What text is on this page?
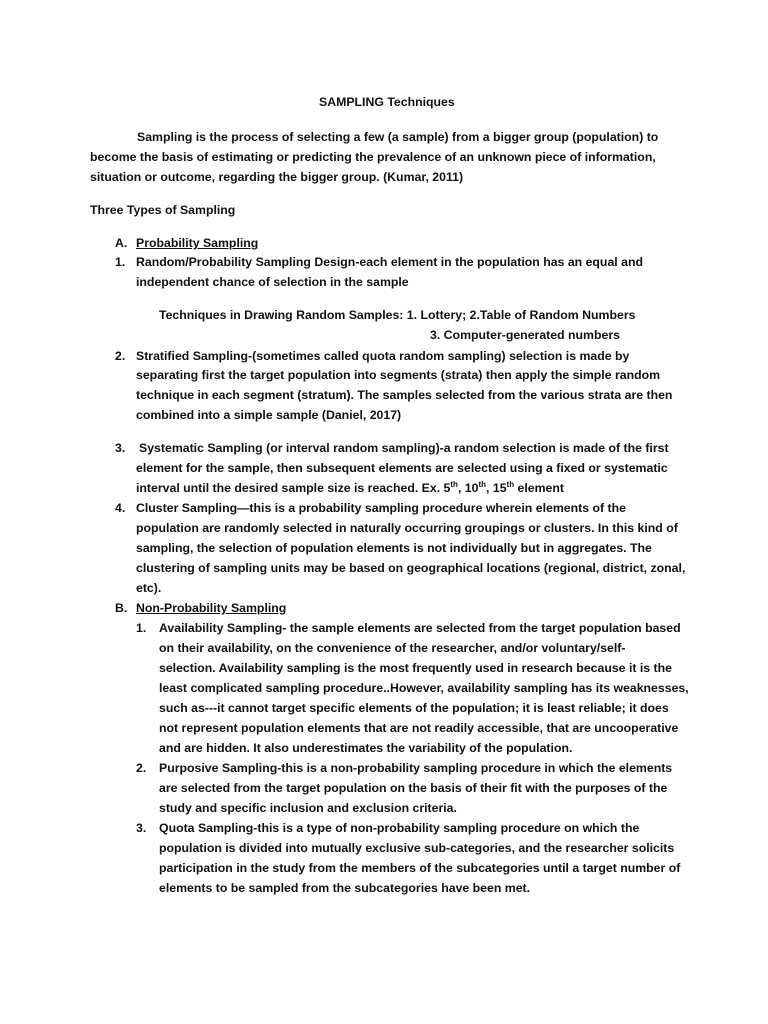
SAMPLING Techniques
Sampling is the process of selecting a few (a sample) from a bigger group (population) to
become the basis of estimating or predicting the prevalence of an unknown piece of information,
situation or outcome, regarding the bigger group. (Kumar, 2011)
Three Types of Sampling
A. Probability Sampling
1. Random/Probability Sampling Design-each element in the population has an equal and
independent chance of selection in the sample
Techniques in Drawing Random Samples: 1. Lottery; 2.Table of Random Numbers
3. Computer-generated numbers
2. Stratified Sampling-(sometimes called quota random sampling) selection is made by
separating first the target population into segments (strata) then apply the simple random
technique in each segment (stratum). The samples selected from the various strata are then
combined into a simple sample (Daniel, 2017)
3. Systematic Sampling (or interval random sampling)-a random selection is made of the first
element for the sample, then subsequent elements are selected using a fixed or systematic
interval until the desired sample size is reached. Ex. 5th, 10th, 15th element
4. Cluster Sampling—this is a probability sampling procedure wherein elements of the
population are randomly selected in naturally occurring groupings or clusters. In this kind of
sampling, the selection of population elements is not individually but in aggregates. The
clustering of sampling units may be based on geographical locations (regional, district, zonal,
etc).
B. Non-Probability Sampling
1. Availability Sampling- the sample elements are selected from the target population based
on their availability, on the convenience of the researcher, and/or voluntary/self-
selection. Availability sampling is the most frequently used in research because it is the
least complicated sampling procedure..However, availability sampling has its weaknesses,
such as---it cannot target specific elements of the population; it is least reliable; it does
not represent population elements that are not readily accessible, that are uncooperative
and are hidden. It also underestimates the variability of the population.
2. Purposive Sampling-this is a non-probability sampling procedure in which the elements
are selected from the target population on the basis of their fit with the purposes of the
study and specific inclusion and exclusion criteria.
3. Quota Sampling-this is a type of non-probability sampling procedure on which the
population is divided into mutually exclusive sub-categories, and the researcher solicits
participation in the study from the members of the subcategories until a target number of
elements to be sampled from the subcategories have been met.
